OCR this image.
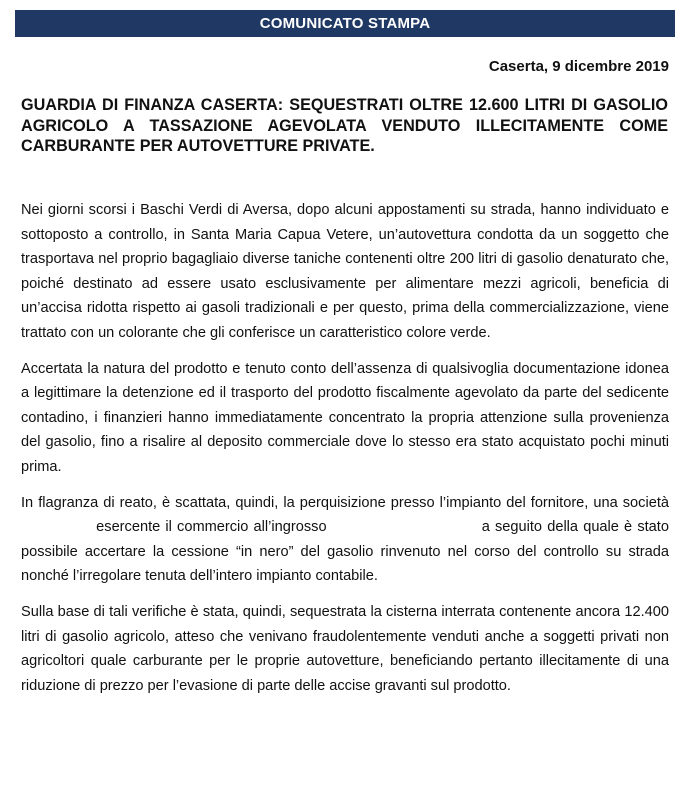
COMUNICATO STAMPA
Caserta, 9 dicembre 2019
GUARDIA DI FINANZA CASERTA: SEQUESTRATI OLTRE 12.600 LITRI DI GASOLIO AGRICOLO A TASSAZIONE AGEVOLATA VENDUTO ILLECITAMENTE COME CARBURANTE PER AUTOVETTURE PRIVATE.

Nei giorni scorsi i Baschi Verdi di Aversa, dopo alcuni appostamenti su strada, hanno individuato e sottoposto a controllo, in Santa Maria Capua Vetere, un’autovettura condotta da un soggetto che trasportava nel proprio bagagliaio diverse taniche contenenti oltre 200 litri di gasolio denaturato che, poiché destinato ad essere usato esclusivamente per alimentare mezzi agricoli, beneficia di un’accisa ridotta rispetto ai gasoli tradizionali e per questo, prima della commercializzazione, viene trattato con un colorante che gli conferisce un caratteristico colore verde.

Accertata la natura del prodotto e tenuto conto dell’assenza di qualsivoglia documentazione idonea a legittimare la detenzione ed il trasporto del prodotto fiscalmente agevolato da parte del sedicente contadino, i finanzieri hanno immediatamente concentrato la propria attenzione sulla provenienza del gasolio, fino a risalire al deposito commerciale dove lo stesso era stato acquistato pochi minuti prima.

In flagranza di reato, è scattata, quindi, la perquisizione presso l’impianto del fornitore, una società esercente il commercio all’ingrosso	a seguito della quale è stato possibile accertare la cessione “in nero” del gasolio rinvenuto nel corso del controllo su strada nonché l’irregolare tenuta dell’intero impianto contabile.

Sulla base di tali verifiche è stata, quindi, sequestrata la cisterna interrata contenente ancora 12.400 litri di gasolio agricolo, atteso che venivano fraudolentemente venduti anche a soggetti privati non agricoltori quale carburante per le proprie autovetture, beneficiando pertanto illecitamente di una riduzione di prezzo per l’evasione di parte delle accise gravanti sul prodotto.
